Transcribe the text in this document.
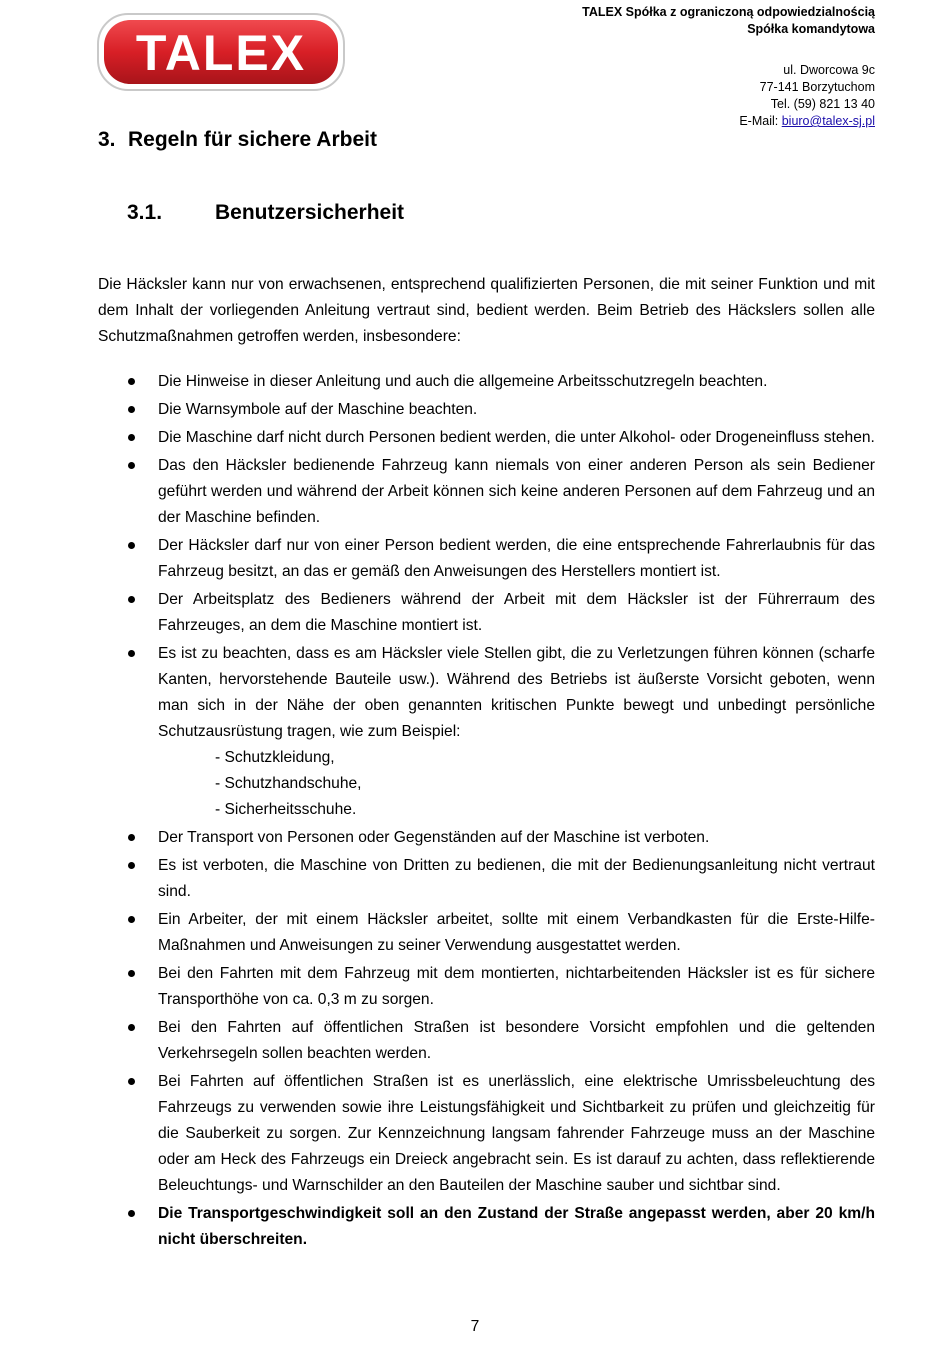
TALEX
TALEX Spółka z ograniczoną odpowiedzialnością
Spółka komandytowa
ul. Dworcowa 9c
77-141 Borzytuchom
Tel. (59) 821 13 40
E-Mail: biuro@talex-sj.pl
3. Regeln für sichere Arbeit
3.1.	Benutzersicherheit
Die Häcksler kann nur von erwachsenen, entsprechend qualifizierten Personen, die mit seiner Funktion und mit dem Inhalt der vorliegenden Anleitung vertraut sind, bedient werden. Beim Betrieb des Häckslers sollen alle Schutzmaßnahmen getroffen werden, insbesondere:
Die Hinweise in dieser Anleitung und auch die allgemeine Arbeitsschutzregeln beachten.
Die Warnsymbole auf der Maschine beachten.
Die Maschine darf nicht durch Personen bedient werden, die unter Alkohol- oder Drogeneinfluss stehen.
Das den Häcksler bedienende Fahrzeug kann niemals von einer anderen Person als sein Bediener geführt werden und während der Arbeit können sich keine anderen Personen auf dem Fahrzeug und an der Maschine befinden.
Der Häcksler darf nur von einer Person bedient werden, die eine entsprechende Fahrerlaubnis für das Fahrzeug besitzt, an das er gemäß den Anweisungen des Herstellers montiert ist.
Der Arbeitsplatz des Bedieners während der Arbeit mit dem Häcksler ist der Führerraum des Fahrzeuges, an dem die Maschine montiert ist.
Es ist zu beachten, dass es am Häcksler viele Stellen gibt, die zu Verletzungen führen können (scharfe Kanten, hervorstehende Bauteile usw.). Während des Betriebs ist äußerste Vorsicht geboten, wenn man sich in der Nähe der oben genannten kritischen Punkte bewegt und unbedingt persönliche Schutzausrüstung tragen, wie zum Beispiel:
- Schutzkleidung,
- Schutzhandschuhe,
- Sicherheitsschuhe.
Der Transport von Personen oder Gegenständen auf der Maschine ist verboten.
Es ist verboten, die Maschine von Dritten zu bedienen, die mit der Bedienungsanleitung nicht vertraut sind.
Ein Arbeiter, der mit einem Häcksler arbeitet, sollte mit einem Verbandkasten für die Erste-Hilfe-Maßnahmen und Anweisungen zu seiner Verwendung ausgestattet werden.
Bei den Fahrten mit dem Fahrzeug mit dem montierten, nichtarbeitenden Häcksler ist es für sichere Transporthöhe von ca. 0,3 m zu sorgen.
Bei den Fahrten auf öffentlichen Straßen ist besondere Vorsicht empfohlen und die geltenden Verkehrsegeln sollen beachten werden.
Bei Fahrten auf öffentlichen Straßen ist es unerlässlich, eine elektrische Umrissbeleuchtung des Fahrzeugs zu verwenden sowie ihre Leistungsfähigkeit und Sichtbarkeit zu prüfen und gleichzeitig für die Sauberkeit zu sorgen. Zur Kennzeichnung langsam fahrender Fahrzeuge muss an der Maschine oder am Heck des Fahrzeugs ein Dreieck angebracht sein. Es ist darauf zu achten, dass reflektierende Beleuchtungs- und Warnschilder an den Bauteilen der Maschine sauber und sichtbar sind.
Die Transportgeschwindigkeit soll an den Zustand der Straße angepasst werden, aber 20 km/h nicht überschreiten.
7
